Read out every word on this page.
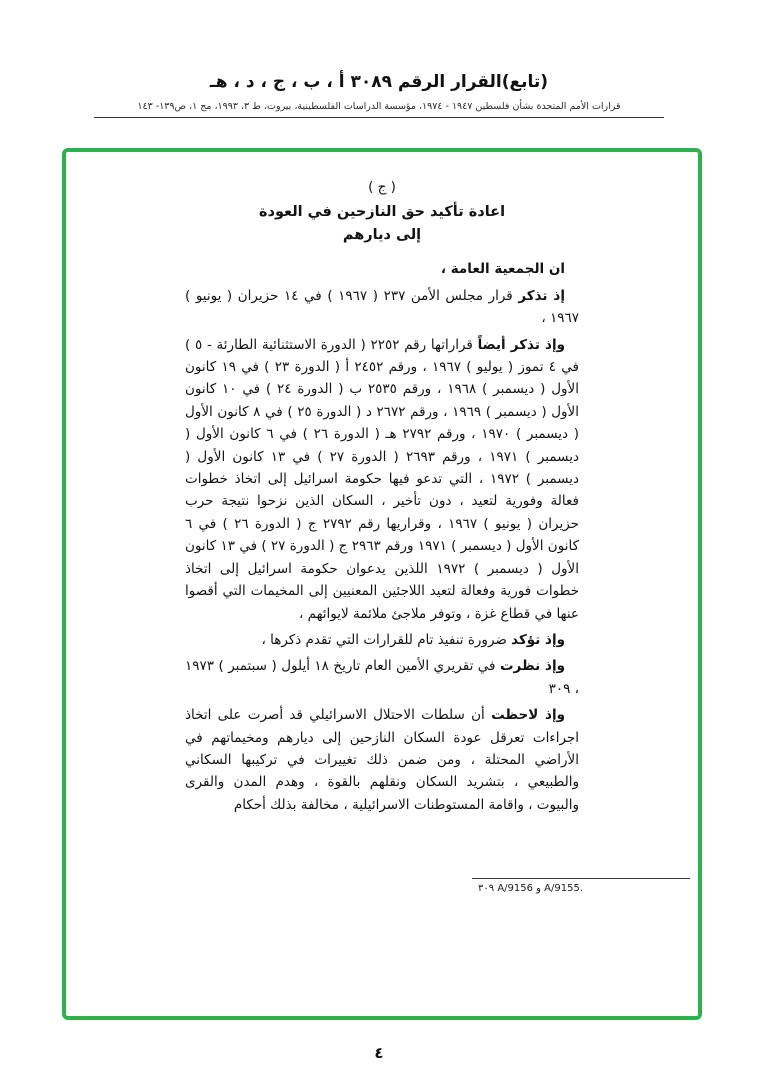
(تابع)القرار الرقم ٣٠٨٩ أ ، ب ، ج ، د ، هـ
قرارات الأمم المتحدة بشأن فلسطين ١٩٤٧ - ١٩٧٤، مؤسسة الدراسات الفلسطينية، بيروت، ط ٣، ١٩٩٣، مج ١، ص١٣٩- ١٤٣
( ج )
اعادة تأكيد حق النازحين في العودة
إلى ديارهم

ان الجمعية العامة ،

إذ تذكر قرار مجلس الأمن ٢٣٧ ( ١٩٦٧ ) في ١٤ حزيران ( يونيو ) ١٩٦٧ ،

وإذ تذكر أيضاً قراراتها رقم ٢٢٥٢ ( الدورة الاستثنائية الطارئة - ٥ ) في ٤ تموز ( يوليو ) ١٩٦٧ ، ورقم ٢٤٥٢ أ ( الدورة ٢٣ ) في ١٩ كانون الأول ( ديسمبر ) ١٩٦٨ ، ورقم ٢٥٣٥ ب ( الدورة ٢٤ ) في ١٠ كانون الأول ( ديسمبر ) ١٩٦٩ ، ورقم ٢٦٧٢ د ( الدورة ٢٥ ) في ٨ كانون الأول ( ديسمبر ) ١٩٧٠ ، ورقم ٢٧٩٢ هـ ( الدورة ٢٦ ) في ٦ كانون الأول ( ديسمبر ) ١٩٧١ ، ورقم ٢٦٩٣ ( الدورة ٢٧ ) في ١٣ كانون الأول ( ديسمبر ) ١٩٧٢ ، التي تدعو فيها حكومة اسرائيل إلى اتخاذ خطوات فعالة وفورية لتعيد ، دون تأخير ، السكان الذين نزحوا نتيجة حرب حزيران ( يونيو ) ١٩٦٧ ، وقراريها رقم ٢٧٩٢ ج ( الدورة ٢٦ ) في ٦ كانون الأول ( ديسمبر ) ١٩٧١ ورقم ٢٩٦٣ ج ( الدورة ٢٧ ) في ١٣ كانون الأول ( ديسمبر ) ١٩٧٢ اللذين يدعوان حكومة اسرائيل إلى اتخاذ خطوات فورية وفعالة لتعيد اللاجئين المعنيين إلى المخيمات التي أقصوا عنها في قطاع غزة ، وتوفر ملاجئ ملائمة لايوائهم ،

وإذ تؤكد ضرورة تنفيذ تام للقرارات التي تقدم ذكرها ،

وإذ نظرت في تقريري الأمين العام تاريخ ١٨ أيلول ( سبتمبر ) ١٩٧٣ ، ٣٠٩

وإذ لاحظت أن سلطات الاحتلال الاسرائيلي قد أصرت على اتخاذ اجراءات تعرقل عودة السكان النازحين إلى ديارهم ومخيماتهم في الأراضي المحتلة ، ومن ضمن ذلك تغييرات في تركيبها السكاني والطبيعي ، بتشريد السكان ونقلهم بالقوة ، وهدم المدن والقرى والبيوت ، واقامة المستوطنات الاسرائيلية ، مخالفة بذلك أحكام

٣٠٩ A/9156 و A/9155.
٤
